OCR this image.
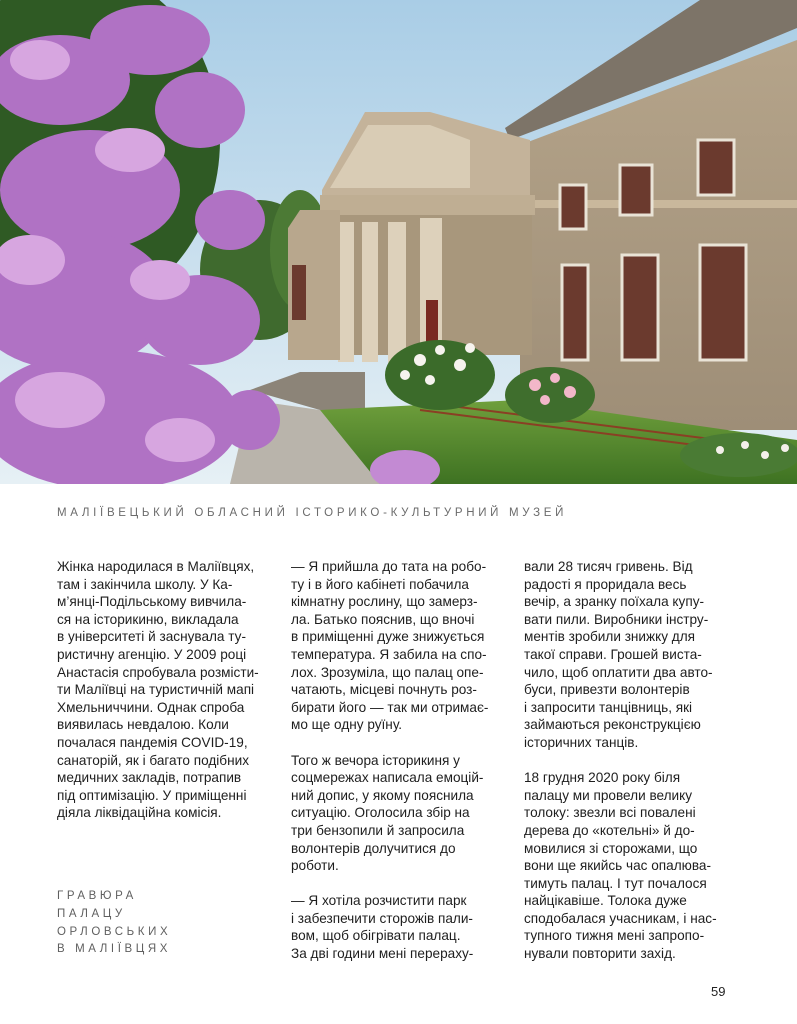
МАЛІЇВЕЦЬКИЙ ОБЛАСНИЙ ІСТОРИКО-КУЛЬТУРНИЙ МУЗЕЙ

Жінка народилася в Маліївцях,
там і закінчила школу. У Ка-
м’янці-Подільському вивчила-
ся на історикиню, викладала
в університеті й заснувала ту-
ристичну агенцію. У 2009 році
Анастасія спробувала розмісти-
ти Маліївці на туристичній мапі
Хмельниччини. Однак спроба
виявилась невдалою. Коли
почалася пандемія COVID-19,
санаторій, як і багато подібних
медичних закладів, потрапив
під оптимізацію. У приміщенні
діяла ліквідаційна комісія.

— Я прийшла до тата на робо-
ту і в його кабінеті побачила
кімнатну рослину, що замерз-
ла. Батько пояснив, що вночі
в приміщенні дуже знижується
температура. Я забила на спо-
лох. Зрозуміла, що палац опе-
чатають, місцеві почнуть роз-
бирати його — так ми отримає-
мо ще одну руїну.

Того ж вечора історикиня у
соцмережах написала емоцій-
ний допис, у якому пояснила
ситуацію. Оголосила збір на
три бензопили й запросила
волонтерів долучитися до
роботи.

— Я хотіла розчистити парк
і забезпечити сторожів пали-
вом, щоб обігрівати палац.
За дві години мені перераху-

вали 28 тисяч гривень. Від
радості я проридала весь
вечір, а зранку поїхала купу-
вати пили. Виробники інстру-
ментів зробили знижку для
такої справи. Грошей виста-
чило, щоб оплатити два авто-
буси, привезти волонтерів
і запросити танцівниць, які
займаються реконструкцією
історичних танців.

18 грудня 2020 року біля
палацу ми провели велику
толоку: звезли всі повалені
дерева до «котельні» й до-
мовилися зі сторожами, що
вони ще якийсь час опалюва-
тимуть палац. І тут почалося
найцікавіше. Толока дуже
сподобалася учасникам, і нас-
тупного тижня мені запропо-
нували повторити захід.

ГРАВЮРА
ПАЛАЦУ
ОРЛОВСЬКИХ
В МАЛІЇВЦЯХ
59
